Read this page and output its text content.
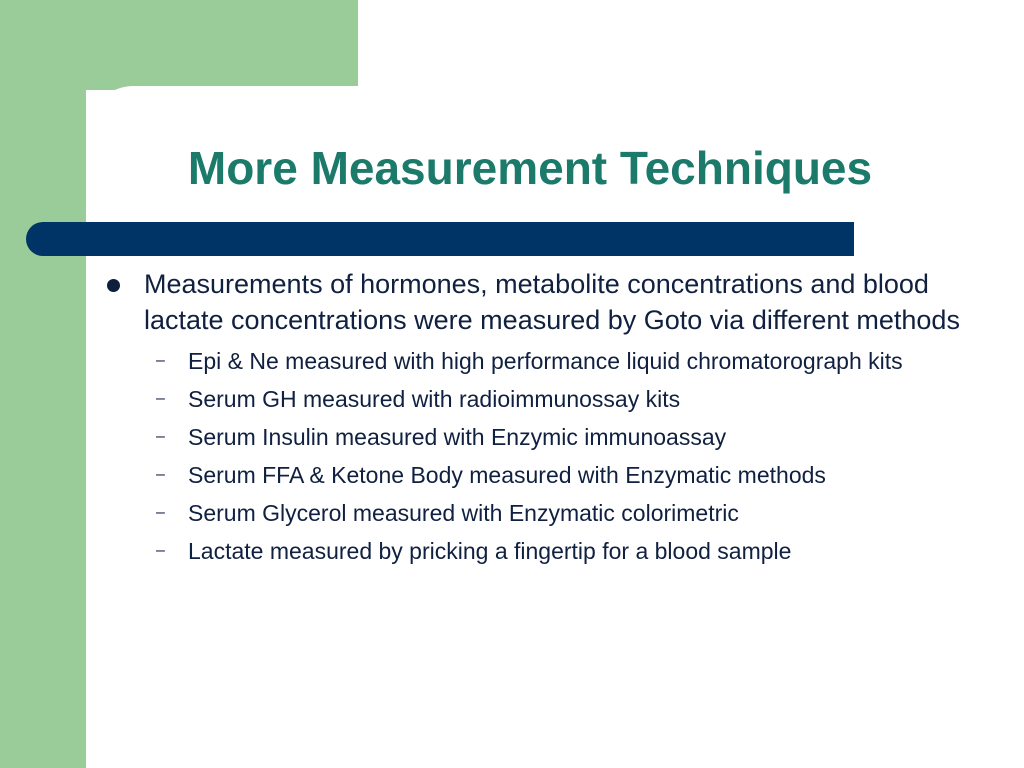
More Measurement Techniques
Measurements of hormones, metabolite concentrations and blood lactate concentrations were measured by Goto via different methods
– Epi & Ne measured with high performance liquid chromatorograph kits
– Serum GH measured with radioimmunossay kits
– Serum Insulin measured with Enzymic immunoassay
– Serum FFA & Ketone Body measured with Enzymatic methods
– Serum Glycerol measured with Enzymatic colorimetric
– Lactate measured by pricking a fingertip for a blood sample
